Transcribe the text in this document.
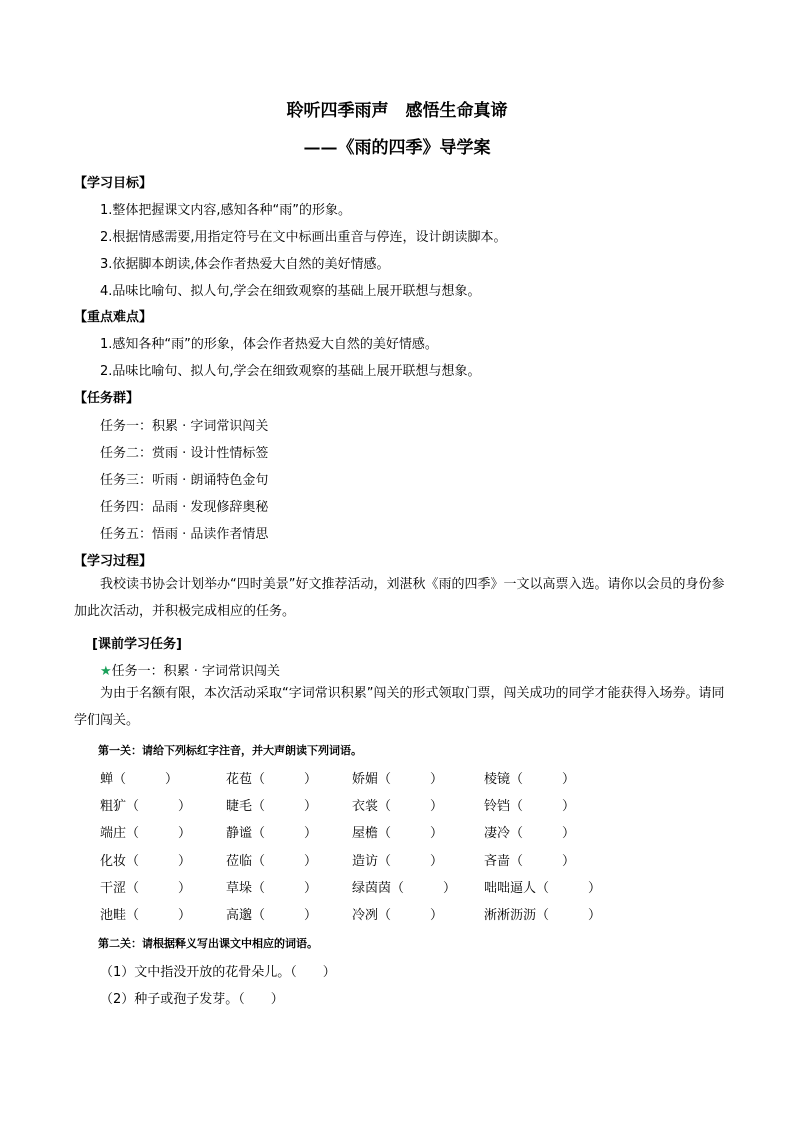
聆听四季雨声　感悟生命真谛
——《雨的四季》导学案
【学习目标】
1.整体把握课文内容,感知各种“雨”的形象。
2.根据情感需要,用指定符号在文中标画出重音与停连，设计朗读脚本。
3.依据脚本朗读,体会作者热爱大自然的美好情感。
4.品味比喻句、拟人句,学会在细致观察的基础上展开联想与想象。
【重点难点】
1.感知各种“雨”的形象，体会作者热爱大自然的美好情感。
2.品味比喻句、拟人句,学会在细致观察的基础上展开联想与想象。
【任务群】
任务一：积累 · 字词常识闯关
任务二：赏雨 · 设计性情标签
任务三：听雨 · 朗诵特色金句
任务四：品雨 · 发现修辞奥秘
任务五：悟雨 · 品读作者情思
【学习过程】
我校读书协会计划举办“四时美景”好文推荐活动，刘湛秋《雨的四季》一文以高票入选。请你以会员的身份参加此次活动，并积极完成相应的任务。
[课前学习任务]
★任务一：积累 · 字词常识闯关
为由于名额有限，本次活动采取“字词常识积累”闯关的形式领取门票，闯关成功的同学才能获得入场券。请同学们闯关。
第一关：请给下列标红字注音，并大声朗读下列词语。
蝉（　　　）	花苞（　　　）	娇媚（　　　）	棱镜（　　　）
粗犷（　　　）	睫毛（　　　）	衣裳（　　　）	铃铛（　　　）
端庄（　　　）	静谧（　　　）	屋檐（　　　）	凄冷（　　　）
化妆（　　　）	莅临（　　　）	造访（　　　）	吝啬（　　　）
干涩（　　　）	草垛（　　　）	绿茵茵（　　　） 咄咄逼人（　　　）
池畦（　　　）	高邈（　　　）	冷冽（　　　）	淅淅沥沥（　　　）
第二关：请根据释义写出课文中相应的词语。
（1）文中指没开放的花骨朵儿。（　　）
（2）种子或孢子发芽。（　　）
